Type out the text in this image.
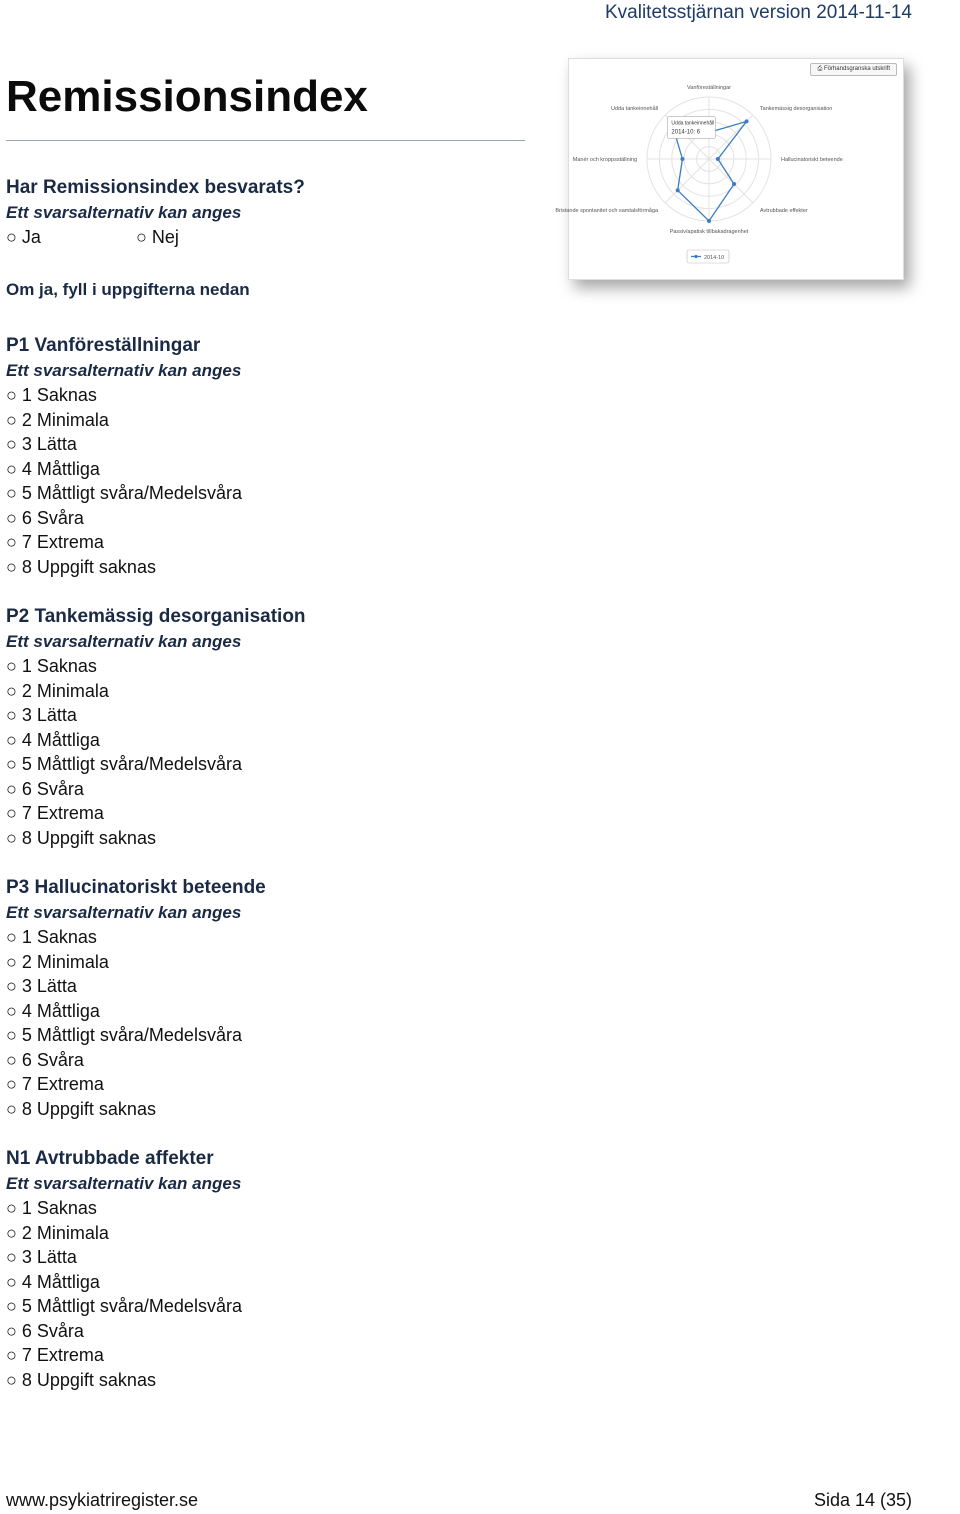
Kvalitetsstjärnan version 2014-11-14
Remissionsindex
Har Remissionsindex besvarats?
Ett svarsalternativ kan anges
○ Ja	○ Nej
Om ja, fyll i uppgifterna nedan
P1 Vanföreställningar
Ett svarsalternativ kan anges
○ 1 Saknas
○ 2 Minimala
○ 3 Lätta
○ 4 Måttliga
○ 5 Måttligt svåra/Medelsvåra
○ 6 Svåra
○ 7 Extrema
○ 8 Uppgift saknas
P2 Tankemässig desorganisation
Ett svarsalternativ kan anges
○ 1 Saknas
○ 2 Minimala
○ 3 Lätta
○ 4 Måttliga
○ 5 Måttligt svåra/Medelsvåra
○ 6 Svåra
○ 7 Extrema
○ 8 Uppgift saknas
P3 Hallucinatoriskt beteende
Ett svarsalternativ kan anges
○ 1 Saknas
○ 2 Minimala
○ 3 Lätta
○ 4 Måttliga
○ 5 Måttligt svåra/Medelsvåra
○ 6 Svåra
○ 7 Extrema
○ 8 Uppgift saknas
N1 Avtrubbade affekter
Ett svarsalternativ kan anges
○ 1 Saknas
○ 2 Minimala
○ 3 Lätta
○ 4 Måttliga
○ 5 Måttligt svåra/Medelsvåra
○ 6 Svåra
○ 7 Extrema
○ 8 Uppgift saknas
⎙ Förhandsgranska utskrift
Vanföreställningar
Tankemässig desorganisation
Hallucinatoriskt beteende
Avtrubbade effekter
Passiv/apatisk tillbakadragenhet
Bristande spontanitet och samtalsförmåga
Manér och kroppsställning
Udda tankeinnehåll
Udda tankeinnehåll
2014-10: 6
2014-10
www.psykiatriregister.se	Sida 14 (35)
